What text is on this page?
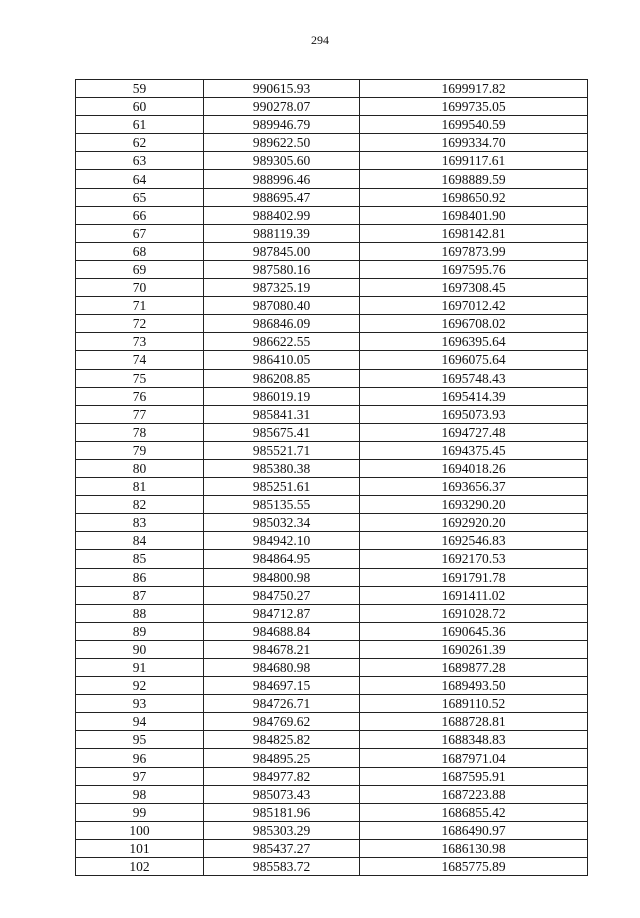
294
59	990615.93	1699917.82
60	990278.07	1699735.05
61	989946.79	1699540.59
62	989622.50	1699334.70
63	989305.60	1699117.61
64	988996.46	1698889.59
65	988695.47	1698650.92
66	988402.99	1698401.90
67	988119.39	1698142.81
68	987845.00	1697873.99
69	987580.16	1697595.76
70	987325.19	1697308.45
71	987080.40	1697012.42
72	986846.09	1696708.02
73	986622.55	1696395.64
74	986410.05	1696075.64
75	986208.85	1695748.43
76	986019.19	1695414.39
77	985841.31	1695073.93
78	985675.41	1694727.48
79	985521.71	1694375.45
80	985380.38	1694018.26
81	985251.61	1693656.37
82	985135.55	1693290.20
83	985032.34	1692920.20
84	984942.10	1692546.83
85	984864.95	1692170.53
86	984800.98	1691791.78
87	984750.27	1691411.02
88	984712.87	1691028.72
89	984688.84	1690645.36
90	984678.21	1690261.39
91	984680.98	1689877.28
92	984697.15	1689493.50
93	984726.71	1689110.52
94	984769.62	1688728.81
95	984825.82	1688348.83
96	984895.25	1687971.04
97	984977.82	1687595.91
98	985073.43	1687223.88
99	985181.96	1686855.42
100	985303.29	1686490.97
101	985437.27	1686130.98
102	985583.72	1685775.89
